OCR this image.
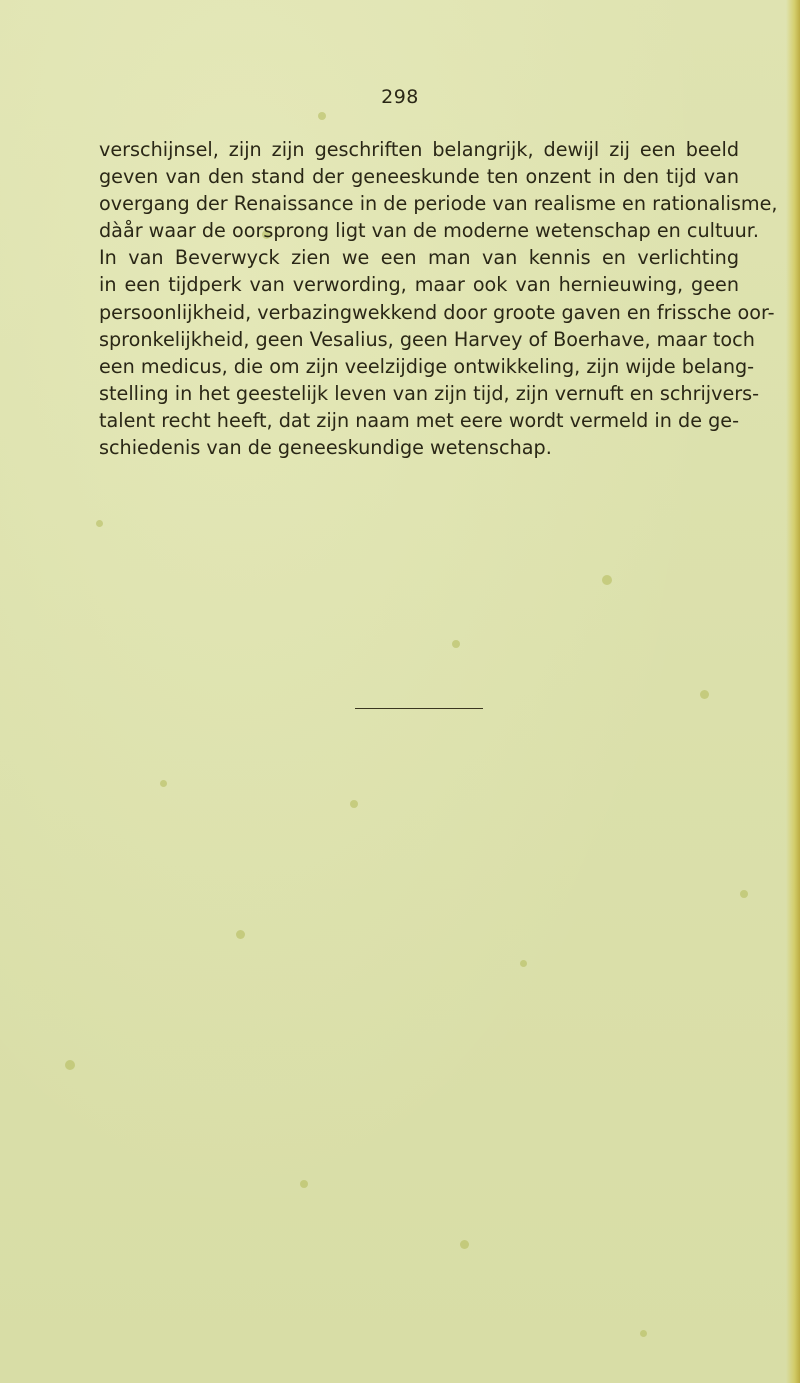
298
verschijnsel, zijn zijn geschriften belangrijk, dewijl zij een beeld
geven van den stand der geneeskunde ten onzent in den tijd van
overgang der Renaissance in de periode van realisme en rationalisme,
dàår waar de oorsprong ligt van de moderne wetenschap en cultuur.
In van Beverwyck zien we een man van kennis en verlichting
in een tijdperk van verwording, maar ook van hernieuwing, geen
persoonlijkheid, verbazingwekkend door groote gaven en frissche oor-
spronkelijkheid, geen Vesalius, geen Harvey of Boerhave, maar toch
een medicus, die om zijn veelzijdige ontwikkeling, zijn wijde belang-
stelling in het geestelijk leven van zijn tijd, zijn vernuft en schrijvers-
talent recht heeft, dat zijn naam met eere wordt vermeld in de ge-
schiedenis van de geneeskundige wetenschap.
